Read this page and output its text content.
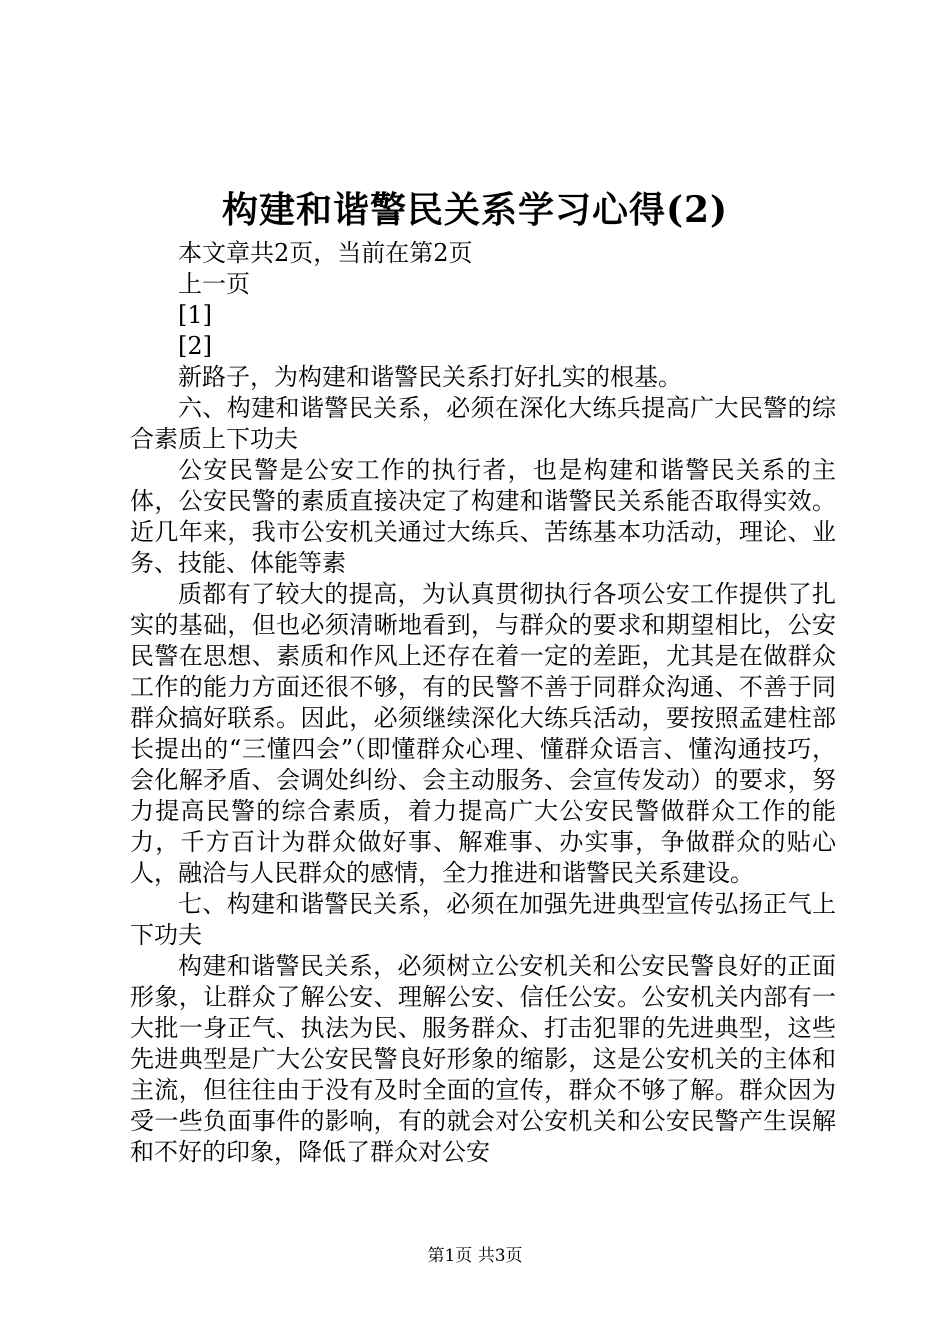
构建和谐警民关系学习心得(2)

本文章共2页，当前在第2页

上一页

[1]

[2]

新路子，为构建和谐警民关系打好扎实的根基。

六、构建和谐警民关系，必须在深化大练兵提高广大民警的综合素质上下功夫

公安民警是公安工作的执行者，也是构建和谐警民关系的主体，公安民警的素质直接决定了构建和谐警民关系能否取得实效。近几年来，我市公安机关通过大练兵、苦练基本功活动，理论、业务、技能、体能等素

质都有了较大的提高，为认真贯彻执行各项公安工作提供了扎实的基础，但也必须清晰地看到，与群众的要求和期望相比，公安民警在思想、素质和作风上还存在着一定的差距，尤其是在做群众工作的能力方面还很不够，有的民警不善于同群众沟通、不善于同群众搞好联系。因此，必须继续深化大练兵活动，要按照孟建柱部长提出的“三懂四会”（即懂群众心理、懂群众语言、懂沟通技巧，会化解矛盾、会调处纠纷、会主动服务、会宣传发动）的要求，努力提高民警的综合素质，着力提高广大公安民警做群众工作的能力，千方百计为群众做好事、解难事、办实事，争做群众的贴心人，融洽与人民群众的感情，全力推进和谐警民关系建设。

七、构建和谐警民关系，必须在加强先进典型宣传弘扬正气上下功夫

构建和谐警民关系，必须树立公安机关和公安民警良好的正面形象，让群众了解公安、理解公安、信任公安。公安机关内部有一大批一身正气、执法为民、服务群众、打击犯罪的先进典型，这些先进典型是广大公安民警良好形象的缩影，这是公安机关的主体和主流，但往往由于没有及时全面的宣传，群众不够了解。群众因为受一些负面事件的影响，有的就会对公安机关和公安民警产生误解和不好的印象，降低了群众对公安

第1页 共3页
